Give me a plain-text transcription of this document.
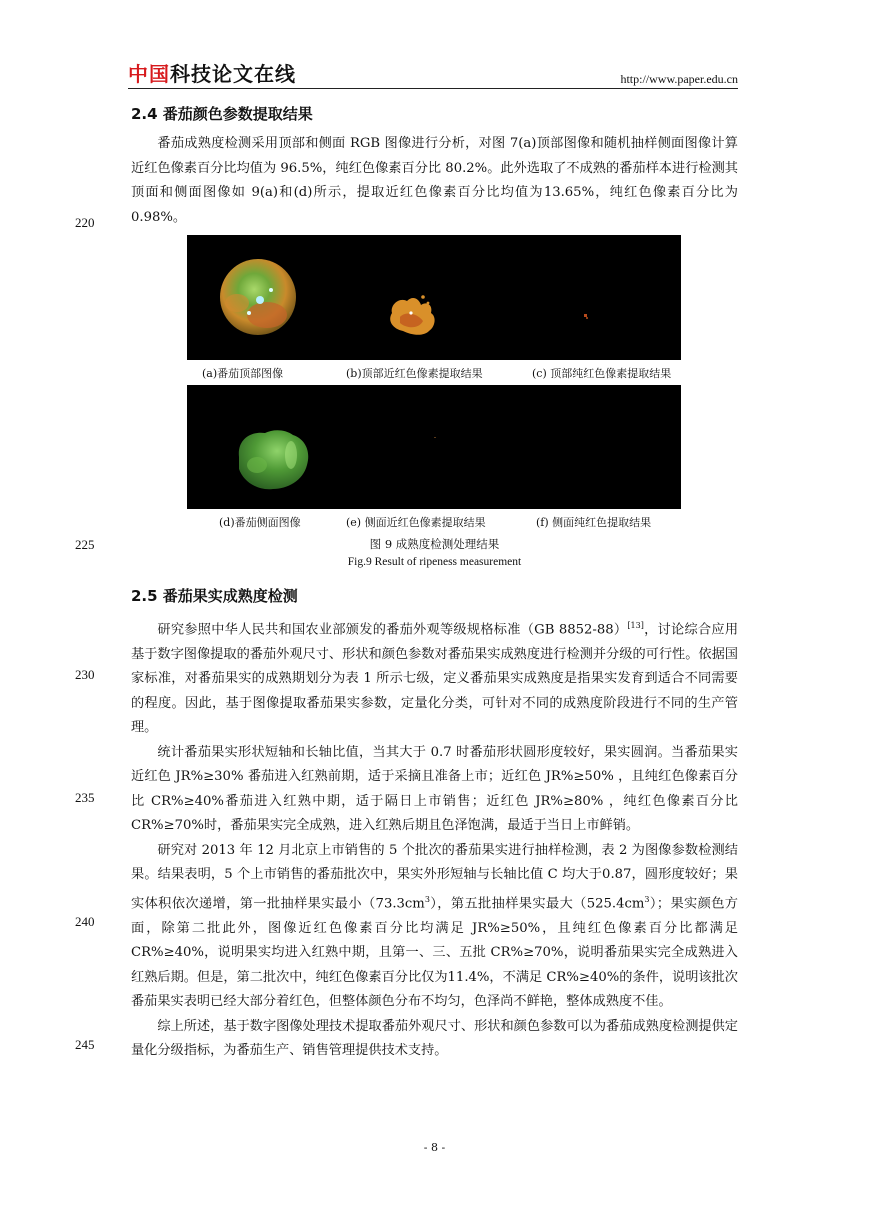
中国科技论文在线	http://www.paper.edu.cn
2.4 番茄颜色参数提取结果

番茄成熟度检测采用顶部和侧面 RGB 图像进行分析，对图 7(a)顶部图像和随机抽样侧面图像计算近红色像素百分比均值为 96.5%，纯红色像素百分比 80.2%。此外选取了不成熟的番茄样本进行检测其顶面和侧面图像如 9(a)和(d)所示，提取近红色像素百分比均值为13.65%，纯红色像素百分比为 0.98%。

220
225
230
235
240
245
(a)番茄顶部图像	(b)顶部近红色像素提取结果	(c) 顶部纯红色像素提取结果
(d)番茄侧面图像	(e) 侧面近红色像素提取结果	(f) 侧面纯红色提取结果
图 9 成熟度检测处理结果
Fig.9 Result of ripeness measurement
2.5 番茄果实成熟度检测

研究参照中华人民共和国农业部颁发的番茄外观等级规格标准（GB 8852-88）[13]，讨论综合应用基于数字图像提取的番茄外观尺寸、形状和颜色参数对番茄果实成熟度进行检测并分级的可行性。依据国家标准，对番茄果实的成熟期划分为表 1 所示七级，定义番茄果实成熟度是指果实发育到适合不同需要的程度。因此，基于图像提取番茄果实参数，定量化分类，可针对不同的成熟度阶段进行不同的生产管理。

统计番茄果实形状短轴和长轴比值，当其大于 0.7 时番茄形状圆形度较好，果实圆润。当番茄果实近红色 JR%≥30% 番茄进入红熟前期，适于采摘且准备上市；近红色 JR%≥50% ，且纯红色像素百分比 CR%≥40%番茄进入红熟中期，适于隔日上市销售；近红色 JR%≥80% ，纯红色像素百分比 CR%≥70%时，番茄果实完全成熟，进入红熟后期且色泽饱满，最适于当日上市鲜销。

研究对 2013 年 12 月北京上市销售的 5 个批次的番茄果实进行抽样检测，表 2 为图像参数检测结果。结果表明，5 个上市销售的番茄批次中，果实外形短轴与长轴比值 C 均大于0.87，圆形度较好；果实体积依次递增，第一批抽样果实最小$(73.3cm^3)$，第五批抽样果实最大$(525.4cm^3)$；果实颜色方面，除第二批此外，图像近红色像素百分比均满足 JR%≥50%，且纯红色像素百分比都满足 CR%≥40%，说明果实均进入红熟中期，且第一、三、五批 CR%≥70%，说明番茄果实完全成熟进入红熟后期。但是，第二批次中，纯红色像素百分比仅为11.4%，不满足 CR%≥40%的条件，说明该批次番茄果实表明已经大部分着红色，但整体颜色分布不均匀，色泽尚不鲜艳，整体成熟度不佳。

综上所述，基于数字图像处理技术提取番茄外观尺寸、形状和颜色参数可以为番茄成熟度检测提供定量化分级指标，为番茄生产、销售管理提供技术支持。

- 8 -
